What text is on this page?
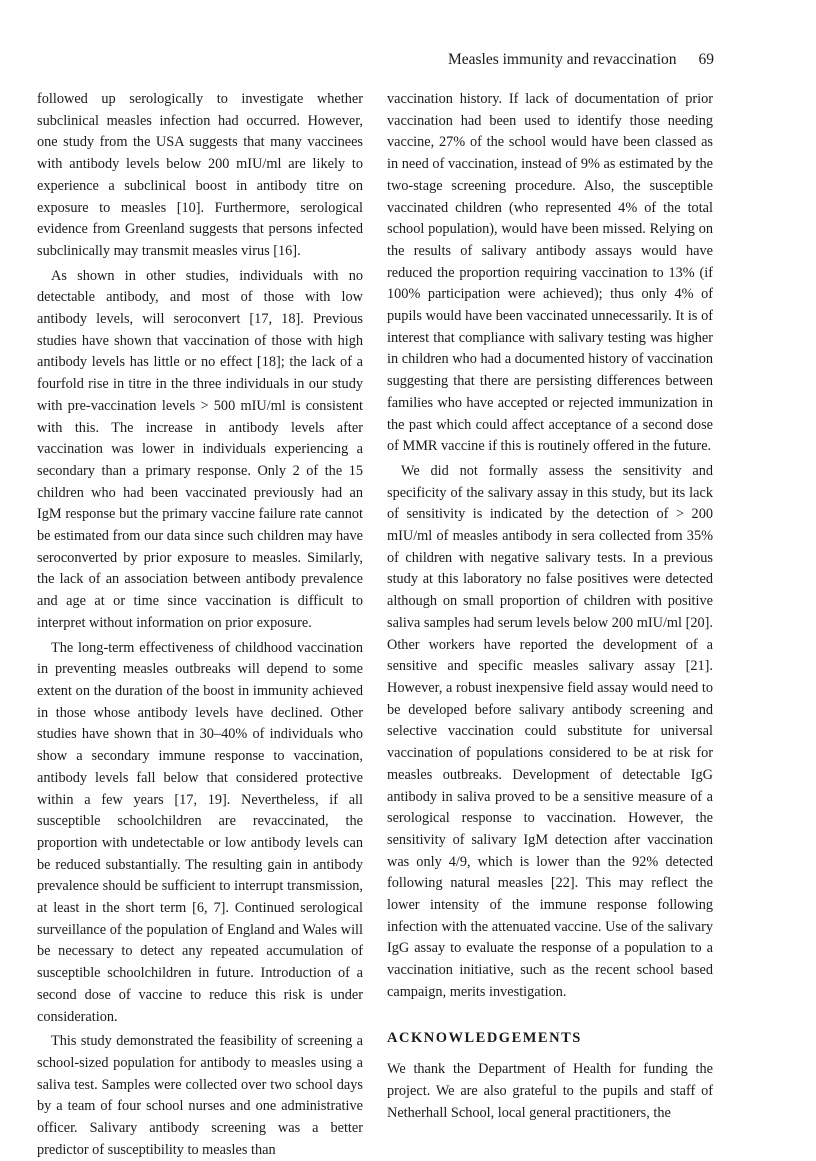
Measles immunity and revaccination 69

followed up serologically to investigate whether subclinical measles infection had occurred. However, one study from the USA suggests that many vaccinees with antibody levels below 200 mIU/ml are likely to experience a subclinical boost in antibody titre on exposure to measles [10]. Furthermore, serological evidence from Greenland suggests that persons infected subclinically may transmit measles virus [16].

As shown in other studies, individuals with no detectable antibody, and most of those with low antibody levels, will seroconvert [17, 18]. Previous studies have shown that vaccination of those with high antibody levels has little or no effect [18]; the lack of a fourfold rise in titre in the three individuals in our study with pre-vaccination levels > 500 mIU/ml is consistent with this. The increase in antibody levels after vaccination was lower in individuals experiencing a secondary than a primary response. Only 2 of the 15 children who had been vaccinated previously had an IgM response but the primary vaccine failure rate cannot be estimated from our data since such children may have seroconverted by prior exposure to measles. Similarly, the lack of an association between antibody prevalence and age at or time since vaccination is difficult to interpret without information on prior exposure.

The long-term effectiveness of childhood vaccination in preventing measles outbreaks will depend to some extent on the duration of the boost in immunity achieved in those whose antibody levels have declined. Other studies have shown that in 30–40% of individuals who show a secondary immune response to vaccination, antibody levels fall below that considered protective within a few years [17, 19]. Nevertheless, if all susceptible schoolchildren are revaccinated, the proportion with undetectable or low antibody levels can be reduced substantially. The resulting gain in antibody prevalence should be sufficient to interrupt transmission, at least in the short term [6, 7]. Continued serological surveillance of the population of England and Wales will be necessary to detect any repeated accumulation of susceptible schoolchildren in future. Introduction of a second dose of vaccine to reduce this risk is under consideration.

This study demonstrated the feasibility of screening a school-sized population for antibody to measles using a saliva test. Samples were collected over two school days by a team of four school nurses and one administrative officer. Salivary antibody screening was a better predictor of susceptibility to measles than

vaccination history. If lack of documentation of prior vaccination had been used to identify those needing vaccine, 27% of the school would have been classed as in need of vaccination, instead of 9% as estimated by the two-stage screening procedure. Also, the susceptible vaccinated children (who represented 4% of the total school population), would have been missed. Relying on the results of salivary antibody assays would have reduced the proportion requiring vaccination to 13% (if 100% participation were achieved); thus only 4% of pupils would have been vaccinated unnecessarily. It is of interest that compliance with salivary testing was higher in children who had a documented history of vaccination suggesting that there are persisting differences between families who have accepted or rejected immunization in the past which could affect acceptance of a second dose of MMR vaccine if this is routinely offered in the future.

We did not formally assess the sensitivity and specificity of the salivary assay in this study, but its lack of sensitivity is indicated by the detection of > 200 mIU/ml of measles antibody in sera collected from 35% of children with negative salivary tests. In a previous study at this laboratory no false positives were detected although on small proportion of children with positive saliva samples had serum levels below 200 mIU/ml [20]. Other workers have reported the development of a sensitive and specific measles salivary assay [21]. However, a robust inexpensive field assay would need to be developed before salivary antibody screening and selective vaccination could substitute for universal vaccination of populations considered to be at risk for measles outbreaks. Development of detectable IgG antibody in saliva proved to be a sensitive measure of a serological response to vaccination. However, the sensitivity of salivary IgM detection after vaccination was only 4/9, which is lower than the 92% detected following natural measles [22]. This may reflect the lower intensity of the immune response following infection with the attenuated vaccine. Use of the salivary IgG assay to evaluate the response of a population to a vaccination initiative, such as the recent school based campaign, merits investigation.

ACKNOWLEDGEMENTS

We thank the Department of Health for funding the project. We are also grateful to the pupils and staff of Netherhall School, local general practitioners, the
